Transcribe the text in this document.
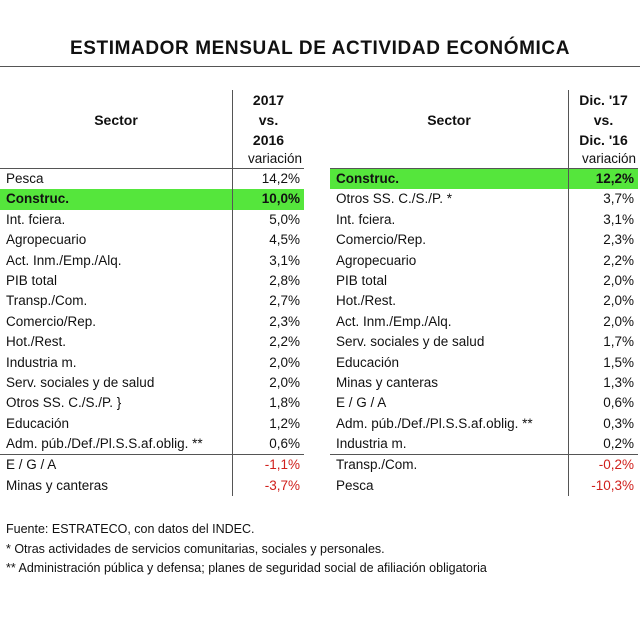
ESTIMADOR MENSUAL DE ACTIVIDAD ECONÓMICA
Sector
2017
vs.
2016
variación
Pesca	14,2%
Construc.	10,0%
Int. fciera.	5,0%
Agropecuario	4,5%
Act. Inm./Emp./Alq.	3,1%
PIB total	2,8%
Transp./Com.	2,7%
Comercio/Rep.	2,3%
Hot./Rest.	2,2%
Industria m.	2,0%
Serv. sociales y de salud	2,0%
Otros SS. C./S./P. }	1,8%
Educación	1,2%
Adm. púb./Def./Pl.S.S.af.oblig. **	0,6%
E / G / A	-1,1%
Minas y canteras	-3,7%
Sector
Dic. '17
vs.
Dic. '16
variación
Construc.	12,2%
Otros SS. C./S./P. *	3,7%
Int. fciera.	3,1%
Comercio/Rep.	2,3%
Agropecuario	2,2%
PIB total	2,0%
Hot./Rest.	2,0%
Act. Inm./Emp./Alq.	2,0%
Serv. sociales y de salud	1,7%
Educación	1,5%
Minas y canteras	1,3%
E / G / A	0,6%
Adm. púb./Def./Pl.S.S.af.oblig. **	0,3%
Industria m.	0,2%
Transp./Com.	-0,2%
Pesca	-10,3%
Fuente: ESTRATECO, con datos del INDEC.
* Otras actividades de servicios comunitarias, sociales y personales.
** Administración pública y defensa; planes de seguridad social de afiliación obligatoria
